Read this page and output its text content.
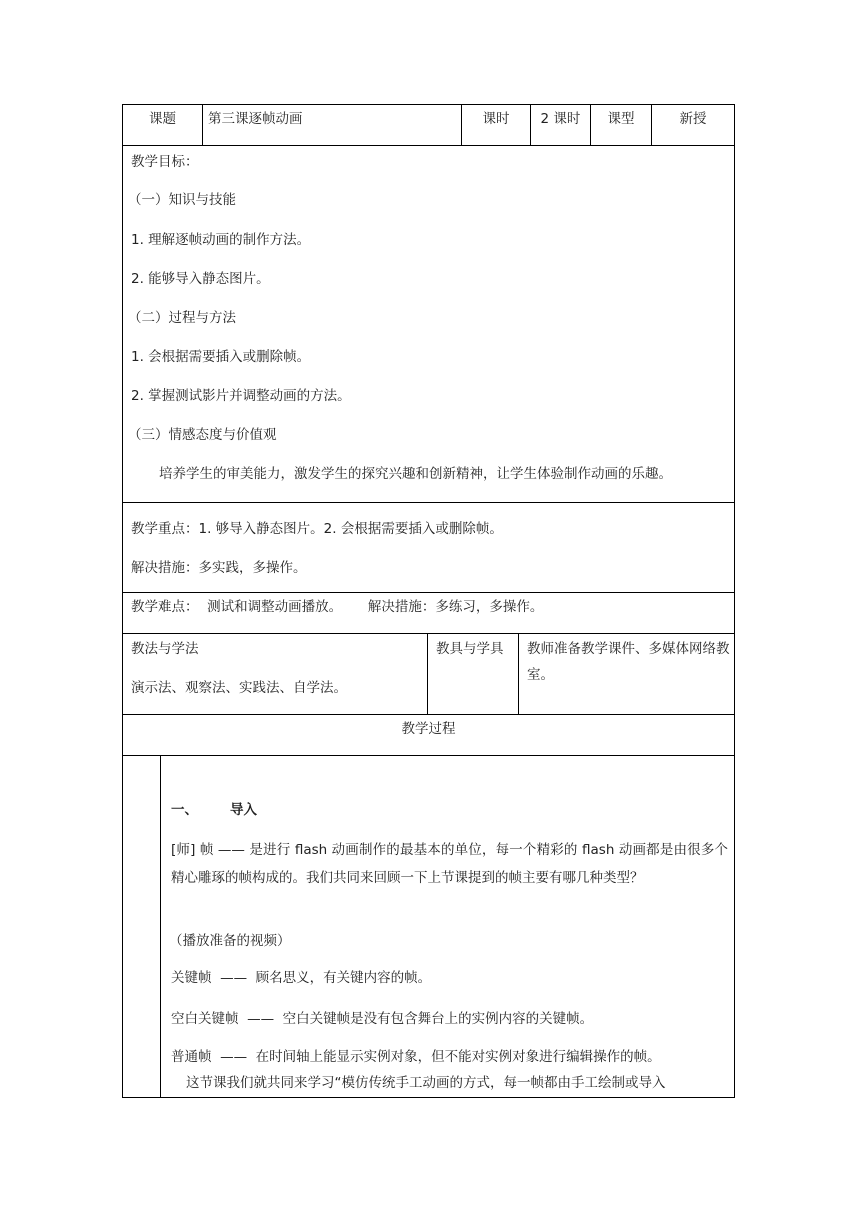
课题	第三课逐帧动画	课时	2 课时	课型	新授
教学目标：
（一）知识与技能
1. 理解逐帧动画的制作方法。
2. 能够导入静态图片。
（二）过程与方法
1. 会根据需要插入或删除帧。
2. 掌握测试影片并调整动画的方法。
（三）情感态度与价值观
培养学生的审美能力，激发学生的探究兴趣和创新精神，让学生体验制作动画的乐趣。
教学重点：1. 够导入静态图片。2. 会根据需要插入或删除帧。
解决措施：多实践，多操作。
教学难点：  测试和调整动画播放。      解决措施：多练习，多操作。
教法与学法
演示法、观察法、实践法、自学法。
教具与学具 教师准备教学课件、多媒体网络教室。
教学过程
一、 导入
[师] 帧 —— 是进行 flash 动画制作的最基本的单位，每一个精彩的 flash 动画都是由很多个精心雕琢的帧构成的。我们共同来回顾一下上节课提到的帧主要有哪几种类型？
（播放准备的视频）
关键帧  ——  顾名思义，有关键内容的帧。
空白关键帧  ——  空白关键帧是没有包含舞台上的实例内容的关键帧。
普通帧  ——  在时间轴上能显示实例对象，但不能对实例对象进行编辑操作的帧。
这节课我们就共同来学习“模仿传统手工动画的方式，每一帧都由手工绘制或导入
